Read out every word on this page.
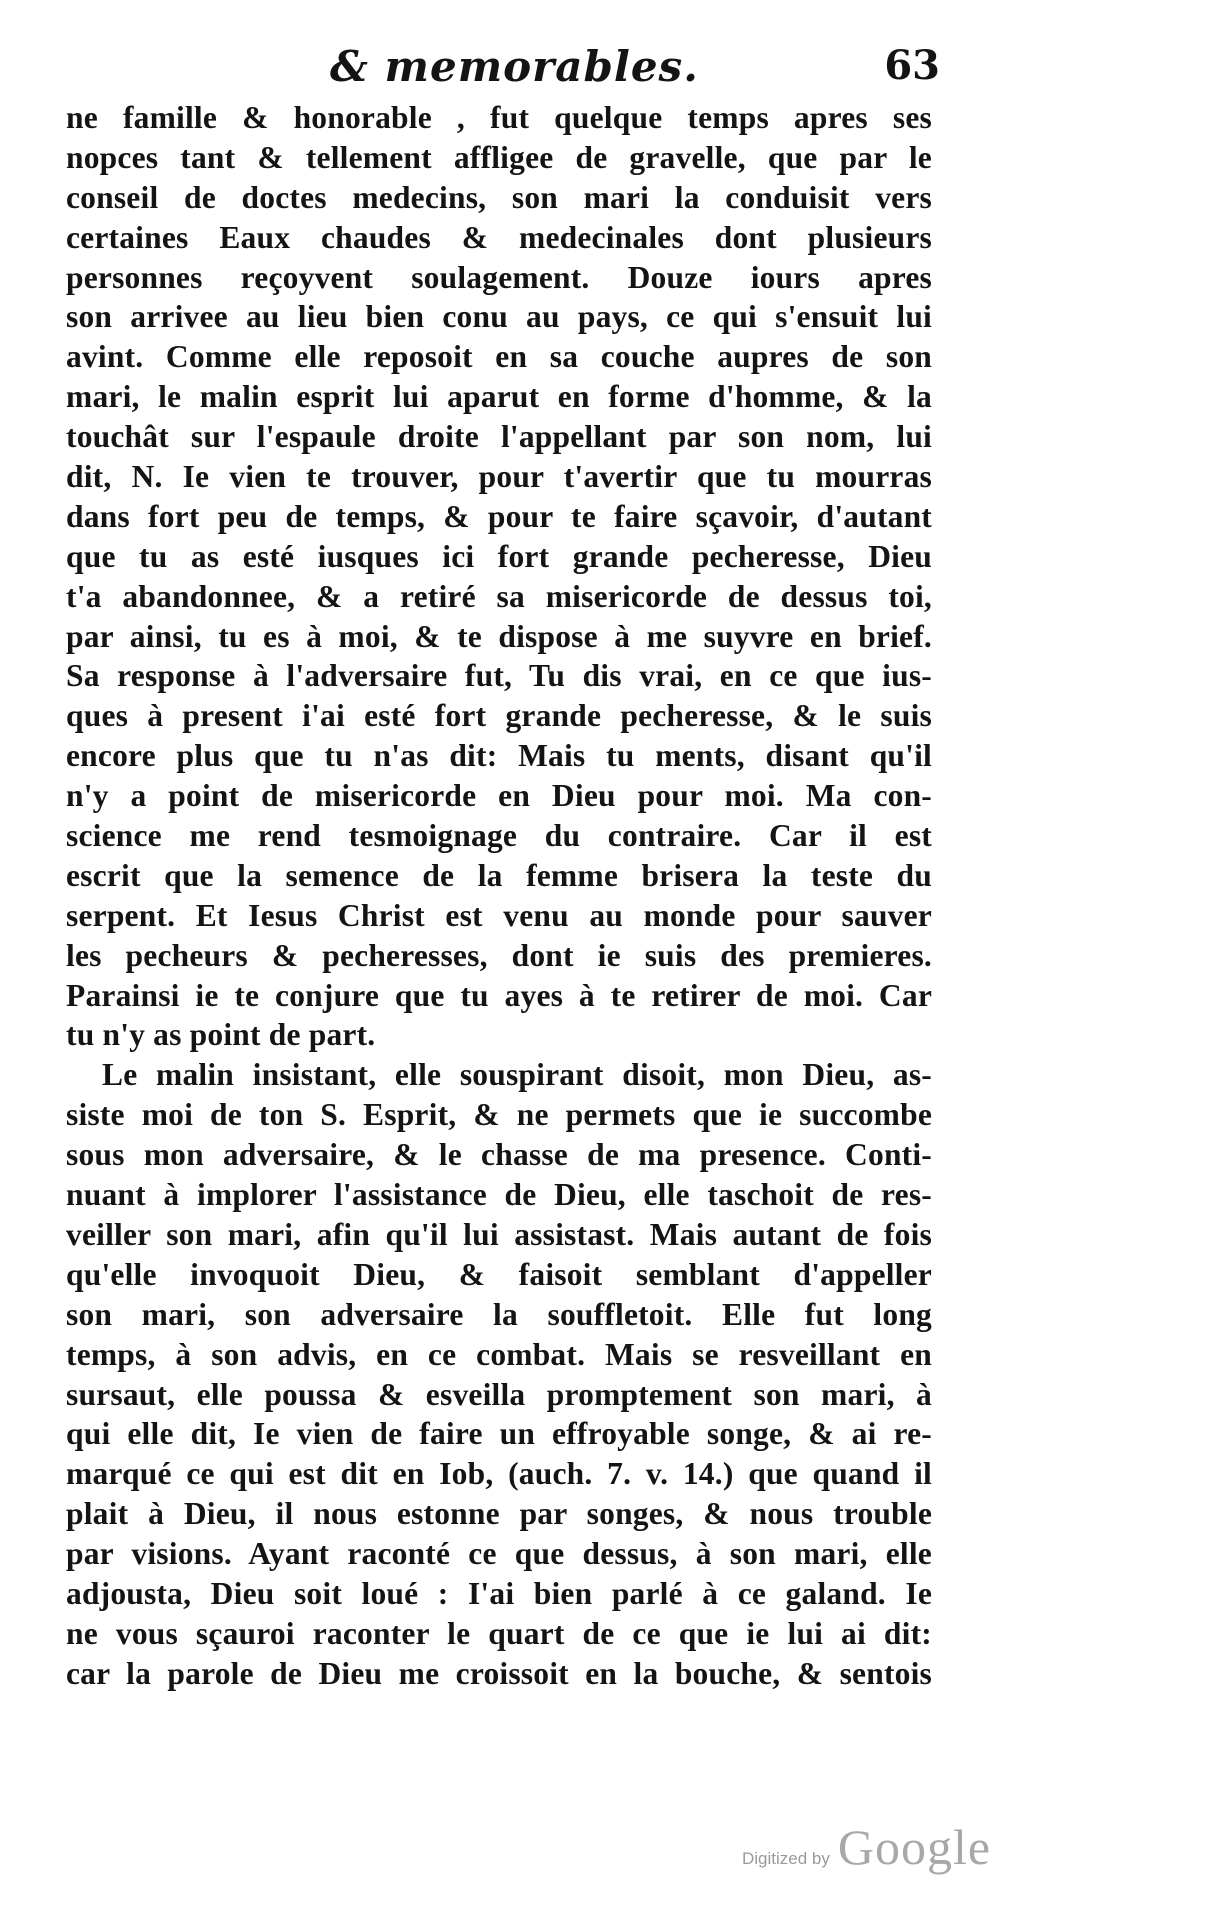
& memorables.	63
ne famille & honorable , fut quelque temps apres ses
nopces tant & tellement affligee de gravelle, que par le
conseil de doctes medecins, son mari la conduisit vers
certaines Eaux chaudes & medecinales dont plusieurs
personnes reçoyvent soulagement. Douze iours apres
son arrivee au lieu bien conu au pays, ce qui s'ensuit lui
avint. Comme elle reposoit en sa couche aupres de son
mari, le malin esprit lui aparut en forme d'homme, & la
touchât sur l'espaule droite l'appellant par son nom, lui
dit, N. Ie vien te trouver, pour t'avertir que tu mourras
dans fort peu de temps, & pour te faire sçavoir, d'autant
que tu as esté iusques ici fort grande pecheresse, Dieu
t'a abandonnee, & a retiré sa misericorde de dessus toi,
par ainsi, tu es à moi, & te dispose à me suyvre en brief.
Sa response à l'adversaire fut, Tu dis vrai, en ce que ius-
ques à present i'ai esté fort grande pecheresse, & le suis
encore plus que tu n'as dit: Mais tu ments, disant qu'il
n'y a point de misericorde en Dieu pour moi. Ma con-
science me rend tesmoignage du contraire. Car il est
escrit que la semence de la femme brisera la teste du
serpent. Et Iesus Christ est venu au monde pour sauver
les pecheurs & pecheresses, dont ie suis des premieres.
Parainsi ie te conjure que tu ayes à te retirer de moi. Car
tu n'y as point de part.
Le malin insistant, elle souspirant disoit, mon Dieu, as-
siste moi de ton S. Esprit, & ne permets que ie succombe
sous mon adversaire, & le chasse de ma presence. Conti-
nuant à implorer l'assistance de Dieu, elle taschoit de res-
veiller son mari, afin qu'il lui assistast. Mais autant de fois
qu'elle invoquoit Dieu, & faisoit semblant d'appeller
son mari, son adversaire la souffletoit. Elle fut long
temps, à son advis, en ce combat. Mais se resveillant en
sursaut, elle poussa & esveilla promptement son mari, à
qui elle dit, Ie vien de faire un effroyable songe, & ai re-
marqué ce qui est dit en Iob, (auch. 7. v. 14.) que quand il
plait à Dieu, il nous estonne par songes, & nous trouble
par visions. Ayant raconté ce que dessus, à son mari, elle
adjousta, Dieu soit loué : I'ai bien parlé à ce galand. Ie
ne vous sçauroi raconter le quart de ce que ie lui ai dit:
car la parole de Dieu me croissoit en la bouche, & sentois
Digitized by Google
